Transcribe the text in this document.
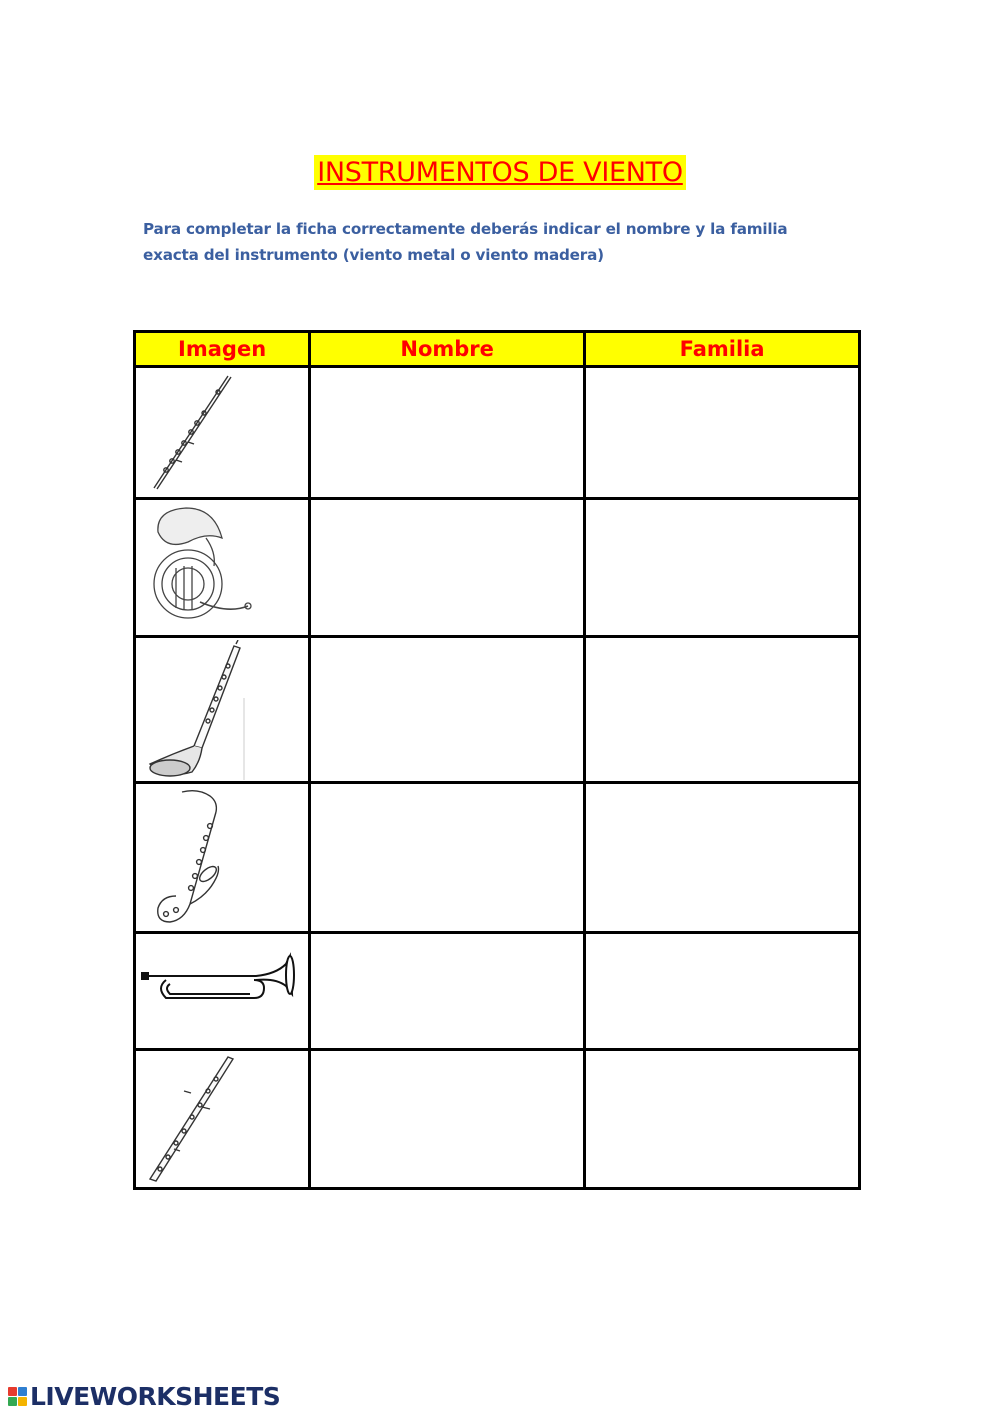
INSTRUMENTOS DE VIENTO
Para completar la ficha correctamente deberás indicar el nombre y la familia exacta del instrumento (viento metal o viento madera)
Imagen	Nombre	Familia

LIVEWORKSHEETS
